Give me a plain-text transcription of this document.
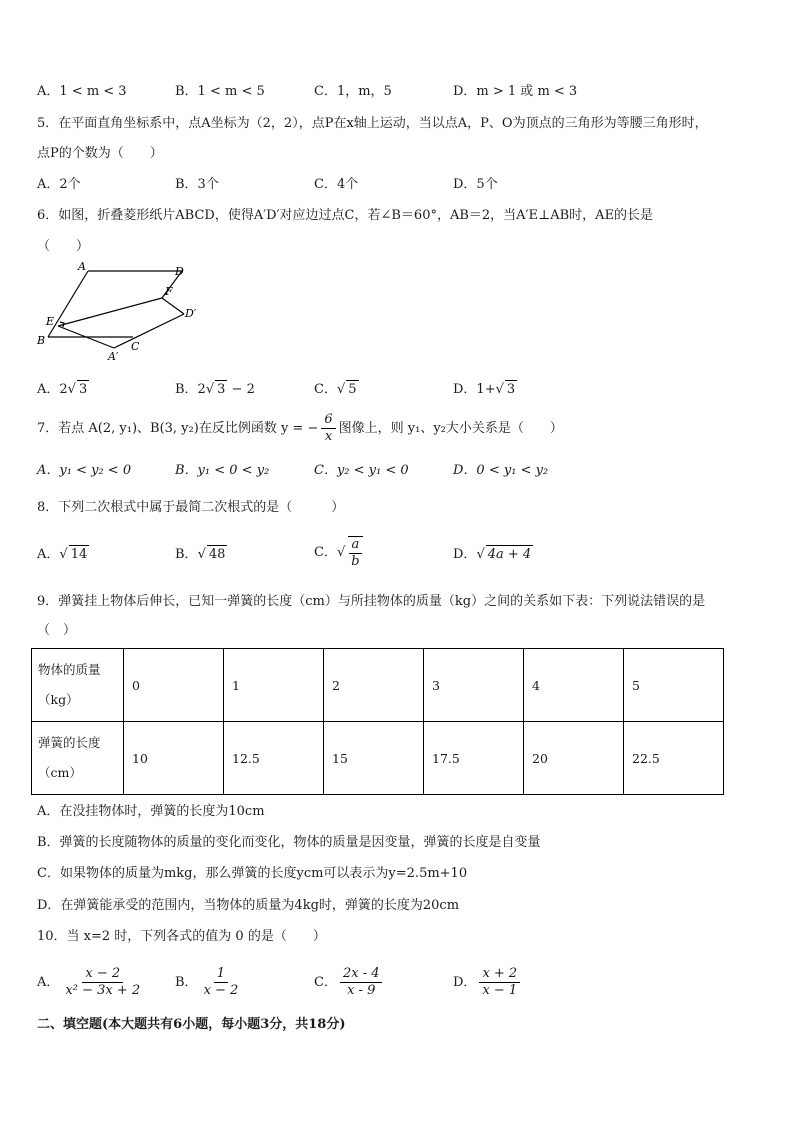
A．1 < m < 3	B．1 < m < 5	C．1，m，5	D．m > 1 或 m < 3
5．在平面直角坐标系中，点A坐标为（2，2），点P在x轴上运动，当以点A，P、O为顶点的三角形为等腰三角形时，
点P的个数为（　　）
A．2个	B．3个	C．4个	D．5个
6．如图，折叠菱形纸片ABCD，使得A′D′对应边过点C，若∠B＝60°，AB＝2，当A′E⊥AB时，AE的长是
（　　）
A	D
F
E
D′
B
A′
C
A．2√ 3	B．2√ 3 − 2	C．√ 5	D．1+√ 3
7．若点 A(2, y₁)、B(3, y₂)在反比例函数 y = − $\frac{6}{x}$ 图像上，则 y₁、y₂大小关系是（　　）
A．y₁ < y₂ < 0	B．y₁ < 0 < y₂	C．y₂ < y₁ < 0	D．0 < y₁ < y₂
8．下列二次根式中属于最简二次根式的是（　　　）
A．√ 14	B．√ 48	C．√ $\frac{a}{b}$	D．√ 4a + 4
9．弹簧挂上物体后伸长，已知一弹簧的长度（cm）与所挂物体的质量（kg）之间的关系如下表：下列说法错误的是
（　）
物体的质量
（kg）	0	1	2	3	4	5
弹簧的长度
（cm）	10	12.5	15	17.5	20	22.5
A．在没挂物体时，弹簧的长度为10cm
B．弹簧的长度随物体的质量的变化而变化，物体的质量是因变量，弹簧的长度是自变量
C．如果物体的质量为mkg，那么弹簧的长度ycm可以表示为y=2.5m+10
D．在弹簧能承受的范围内，当物体的质量为4kg时，弹簧的长度为20cm
10．当 x=2 时，下列各式的值为 0 的是（　　）
A． $\frac{x - 2}{\text{x² − 3x + 2}}$ B． $\frac{1}{x - 2}$	C． $\frac{2x - 4}{x - 9}$	D． $\frac{x + 2}{x - 1}$
二、填空题(本大题共有6小题，每小题3分，共18分)
